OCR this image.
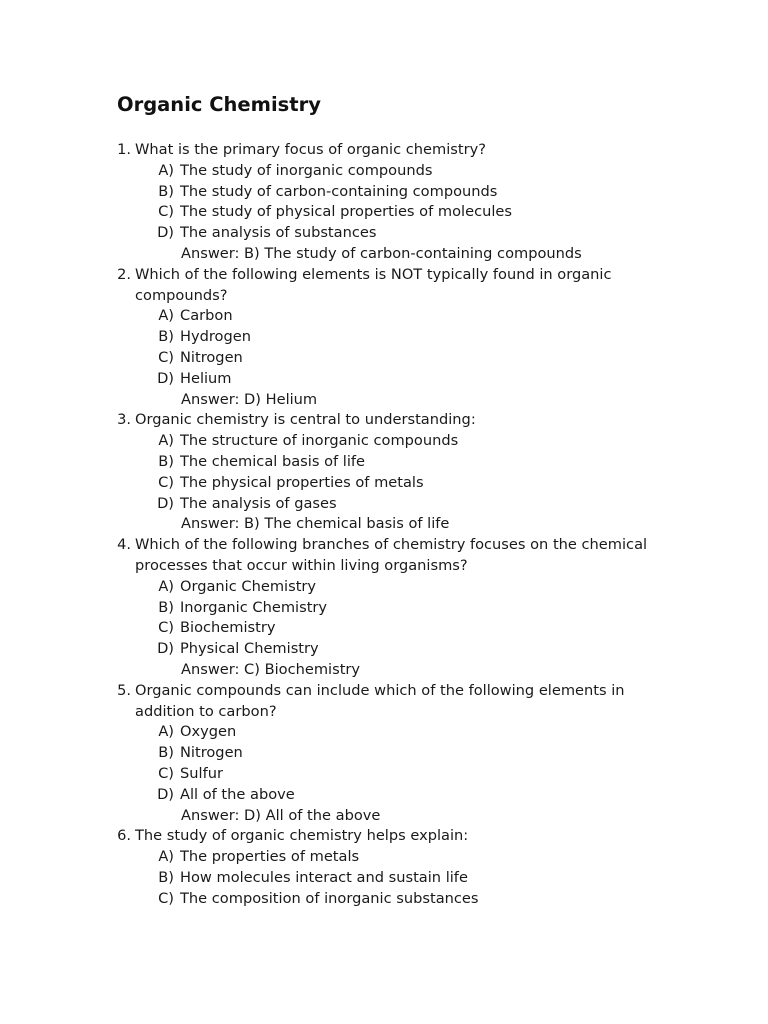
Organic Chemistry
1. What is the primary focus of organic chemistry?
A) The study of inorganic compounds
B) The study of carbon-containing compounds
C) The study of physical properties of molecules
D) The analysis of substances
Answer: B) The study of carbon-containing compounds
2. Which of the following elements is NOT typically found in organic compounds?
A) Carbon
B) Hydrogen
C) Nitrogen
D) Helium
Answer: D) Helium
3. Organic chemistry is central to understanding:
A) The structure of inorganic compounds
B) The chemical basis of life
C) The physical properties of metals
D) The analysis of gases
Answer: B) The chemical basis of life
4. Which of the following branches of chemistry focuses on the chemical processes that occur within living organisms?
A) Organic Chemistry
B) Inorganic Chemistry
C) Biochemistry
D) Physical Chemistry
Answer: C) Biochemistry
5. Organic compounds can include which of the following elements in addition to carbon?
A) Oxygen
B) Nitrogen
C) Sulfur
D) All of the above
Answer: D) All of the above
6. The study of organic chemistry helps explain:
A) The properties of metals
B) How molecules interact and sustain life
C) The composition of inorganic substances
